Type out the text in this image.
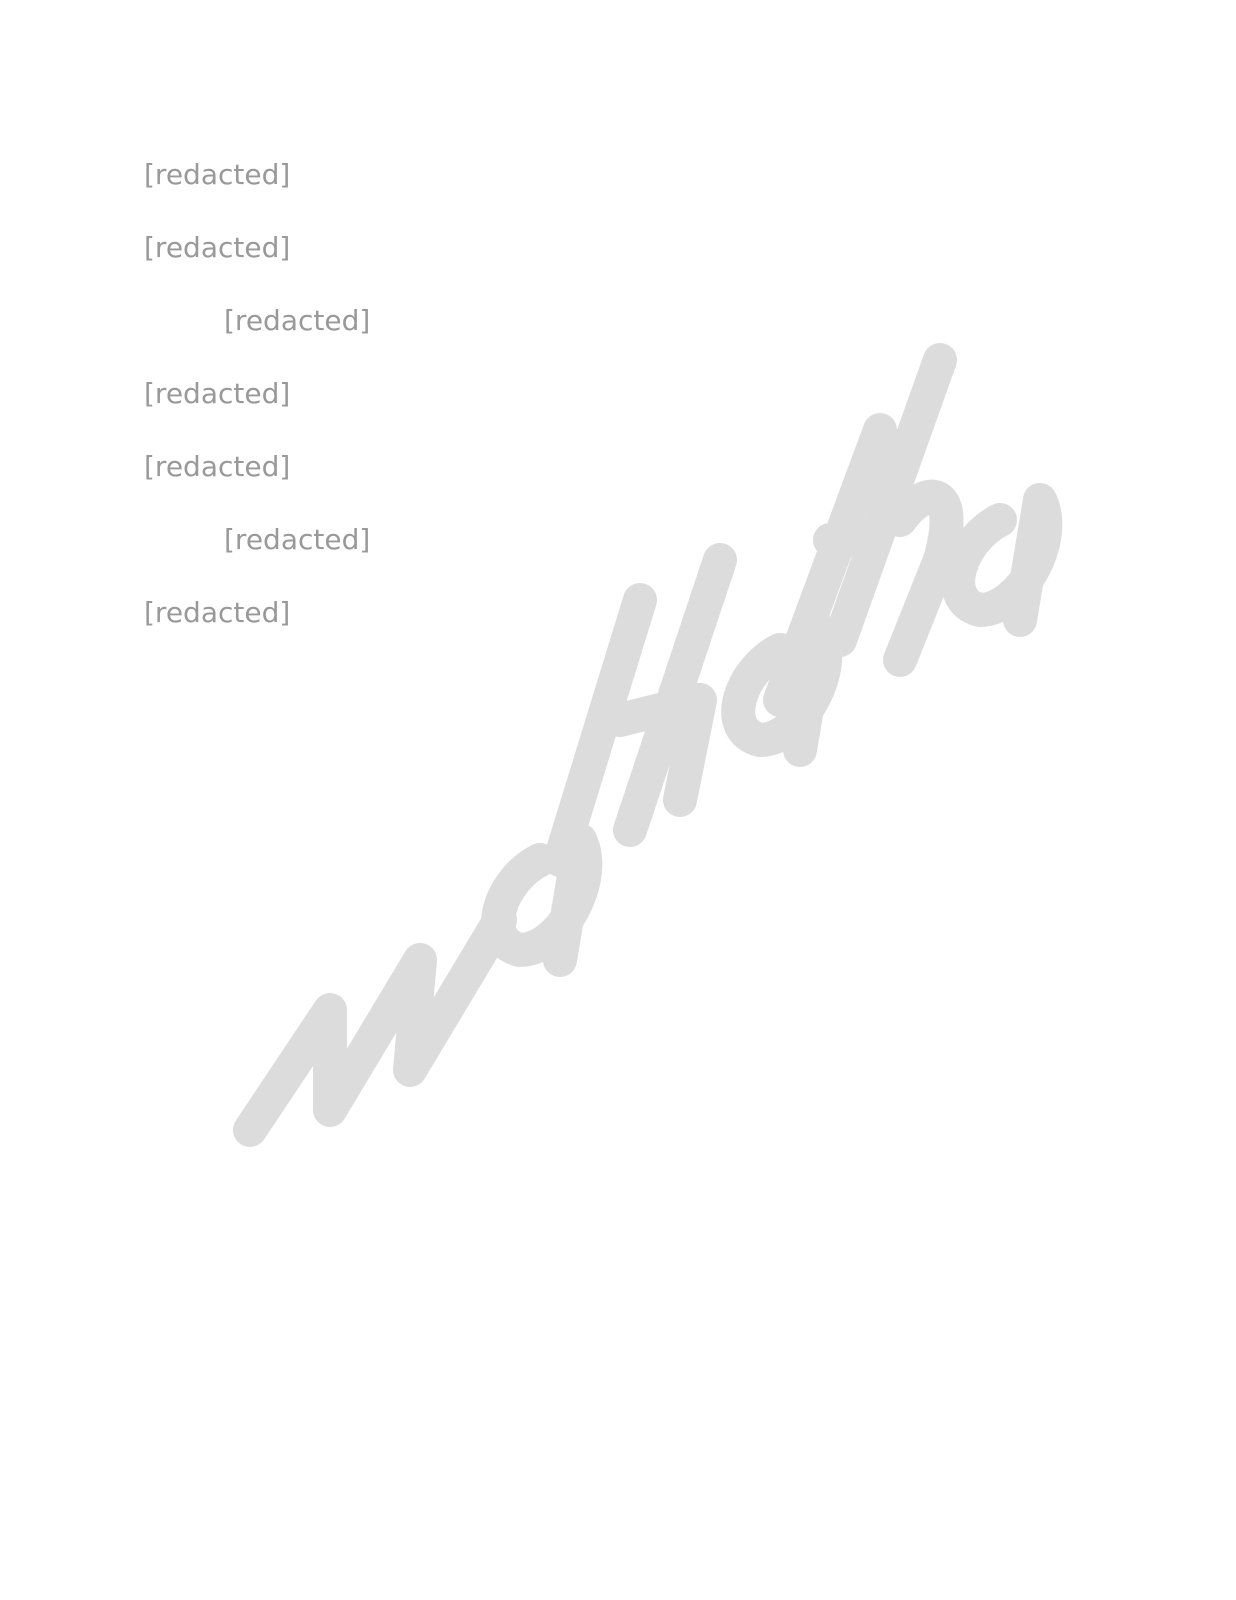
[redacted]

[redacted]

[redacted]

[redacted]

[redacted]

[redacted]

[redacted]
